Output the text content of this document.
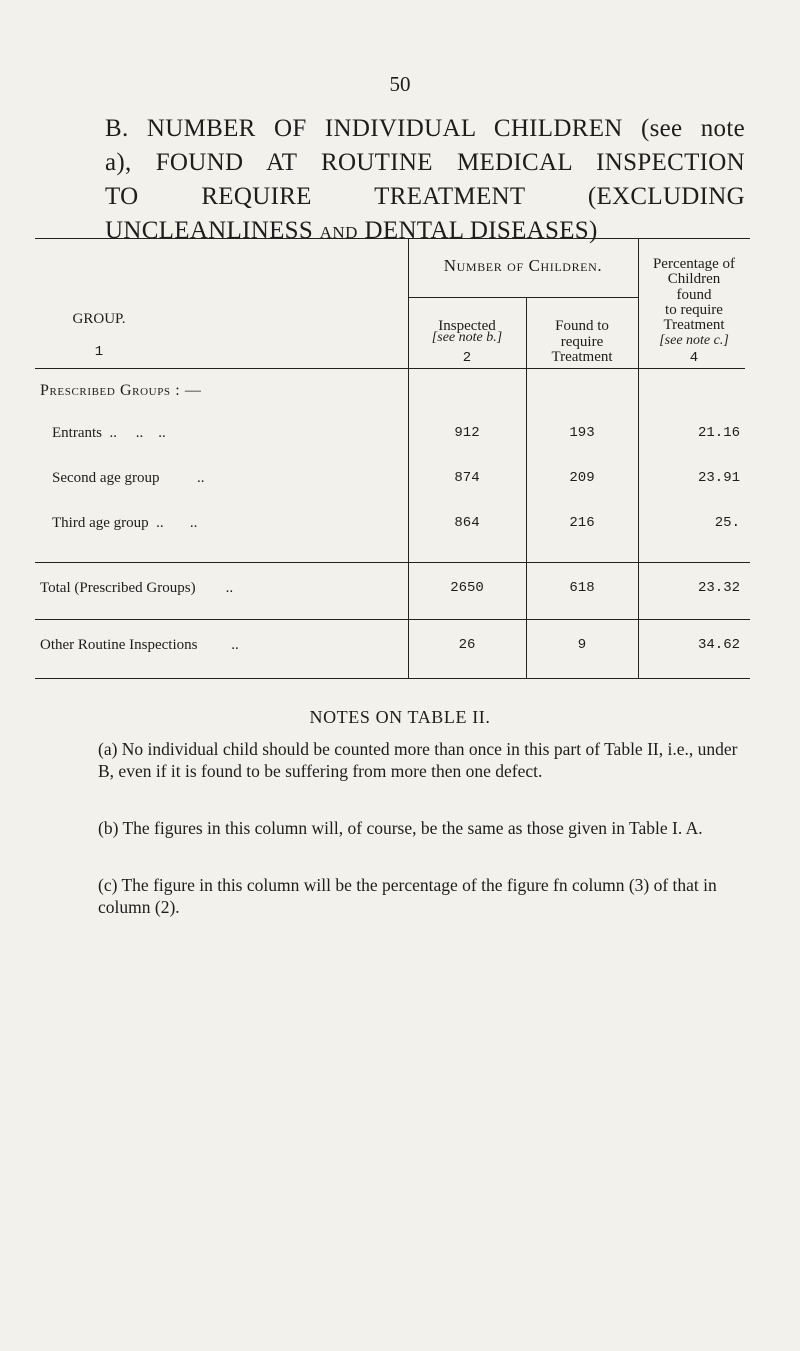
50
B. NUMBER OF INDIVIDUAL CHILDREN (see note
a), FOUND AT ROUTINE MEDICAL INSPECTION
TO REQUIRE TREATMENT (EXCLUDING
UNCLEANLINESS AND DENTAL DISEASES)
GROUP.
1
Number of Children.
Inspected
[see note b.]
2
Found to
require
Treatment
Percentage of
Children
found
to require
Treatment
[see note c.]
4
Prescribed Groups : —
Entrants  ..     ..    ..	912	193	21.16
Second age group          ..	874	209	23.91
Third age group  ..       ..	864	216	25.
Total (Prescribed Groups)        ..	2650	618	23.32
Other Routine Inspections         ..	26	9	34.62
NOTES ON TABLE II.
(a) No individual child should be counted more than once in this part of Table II, i.e., under B, even if it is found to be suffering from more then one defect.
(b) The figures in this column will, of course, be the same as those given in Table I. A.
(c) The figure in this column will be the percentage of the figure fn column (3) of that in column (2).
